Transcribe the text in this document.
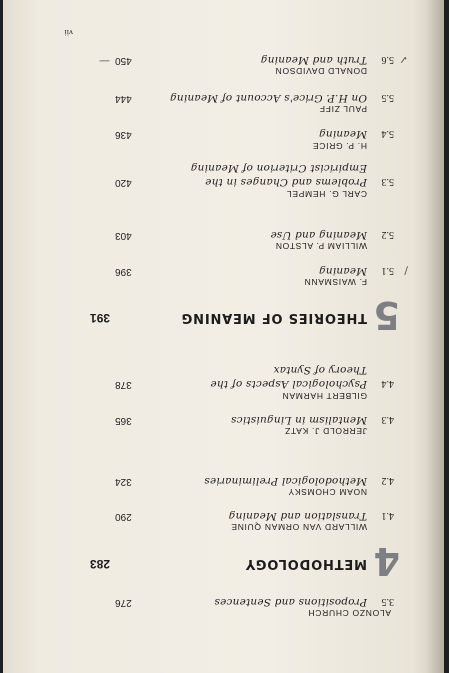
ALONZO CHURCH
3.5
Propositions and Sentences
276
4
METHODOLOGY
283
WILLARD VAN ORMAN QUINE
4.1
Translation and Meaning
290
NOAM CHOMSKY
4.2
Methodological Preliminaries
324
JERROLD J. KATZ
4.3
Mentalism in Linguistics
365
GILBERT HARMAN
4.4
Psychological Aspects of the
Theory of Syntax
378
5
THEORIES OF MEANING
391
/
F. WAISMANN
5.1
Meaning
396
WILLIAM P. ALSTON
5.2
Meaning and Use
403
CARL G. HEMPEL
5.3
Problems and Changes in the
Empiricist Criterion of Meaning
420
H. P. GRICE
5.4
Meaning
436
PAUL ZIFF
5.5
On H.P. Grice's Account of Meaning
444
✓
DONALD DAVIDSON
5.6
Truth and Meaning
450
—
vii
